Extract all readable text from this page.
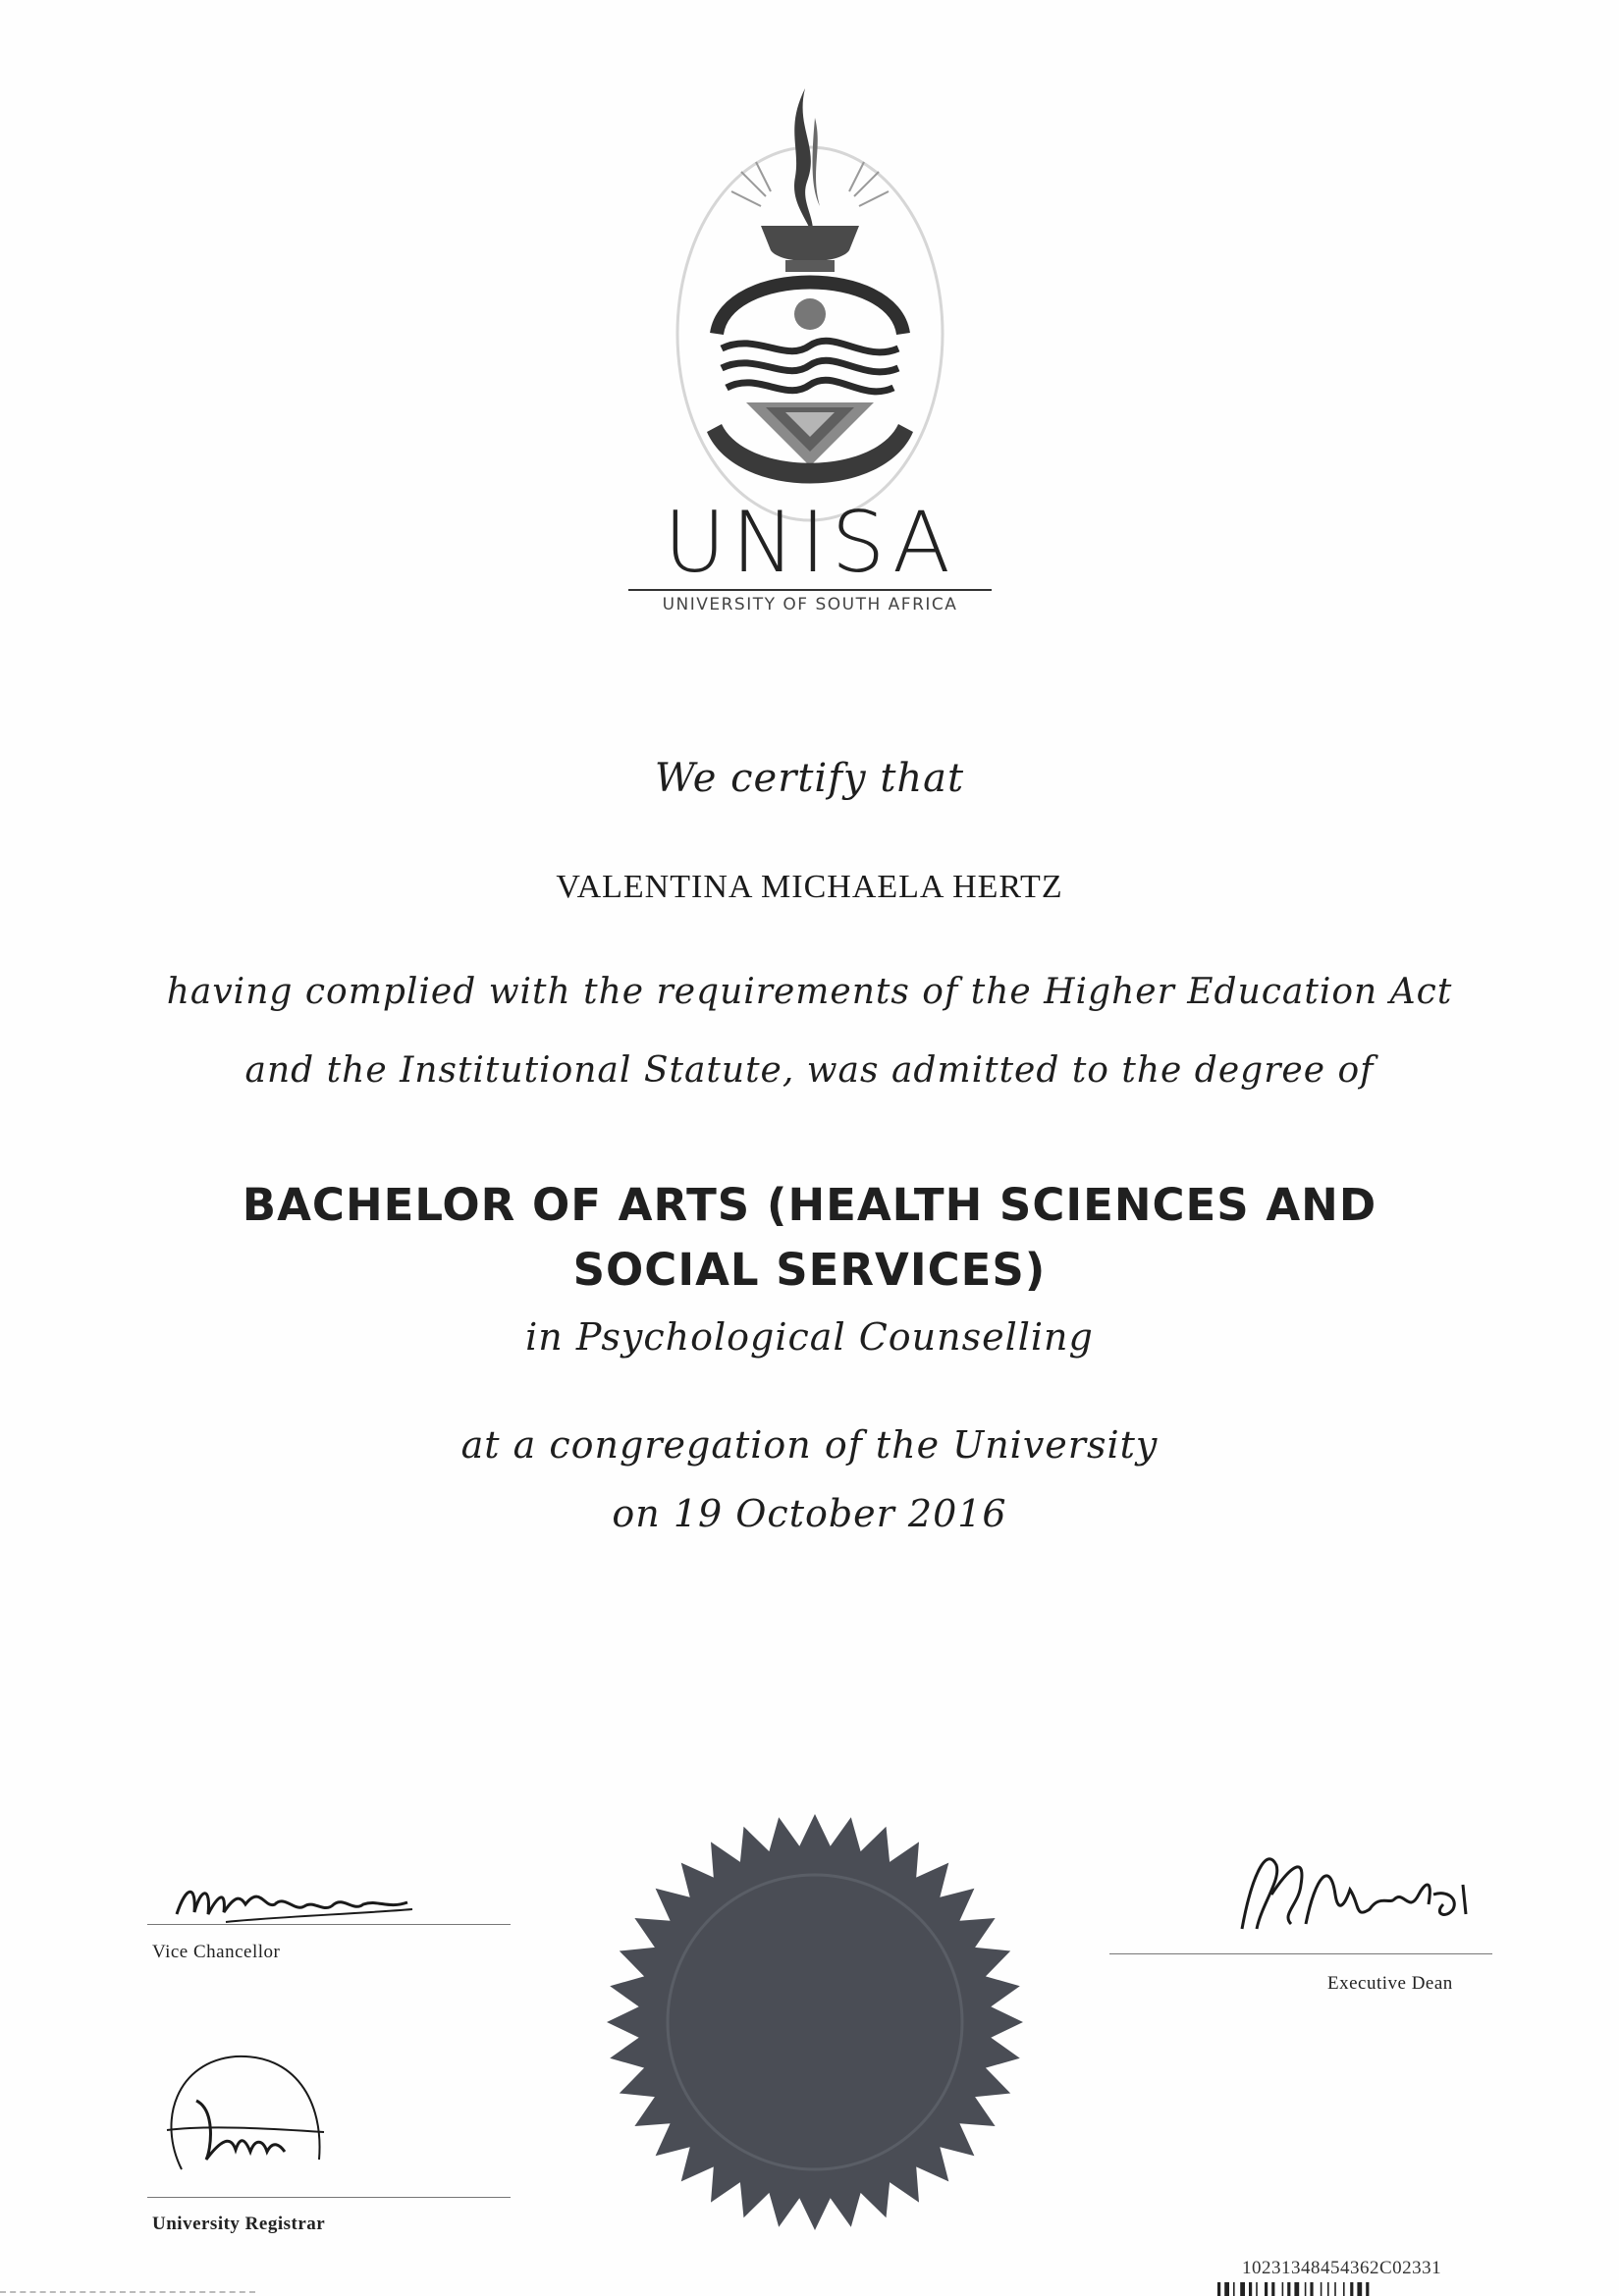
UNISA
UNIVERSITY OF SOUTH AFRICA
We certify that
VALENTINA MICHAELA HERTZ
having complied with the requirements of the Higher Education Act
and the Institutional Statute, was admitted to the degree of
BACHELOR OF ARTS (HEALTH SCIENCES AND SOCIAL SERVICES)
in Psychological Counselling
at a congregation of the University
on 19 October 2016
Vice Chancellor
Executive Dean
University Registrar
10231348454362C02331
